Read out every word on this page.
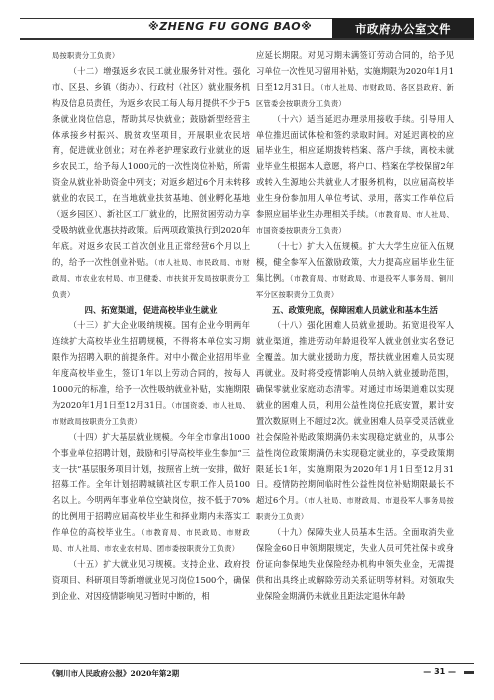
※ZHENG FU GONG BAO※	市政府办公室文件

局按职责分工负责）

（十二）增强返乡农民工就业服务针对性。强化市、区县、乡镇（街办）、行政村（社区）就业服务机构及信息员责任，为返乡农民工每人每月提供不少于5条就业岗位信息，帮助其尽快就业；鼓励新型经营主体承接乡村振兴、脱贫攻坚项目，开展职业农民培育，促进就业创业；对在养老护理家政行业就业的返乡农民工，给予每人1000元的一次性岗位补贴，所需资金从就业补助资金中列支；对返乡超过6个月未转移就业的农民工，在当地就业扶贫基地、创业孵化基地（返乡园区）、新社区工厂就业的，比照贫困劳动力享受吸纳就业优惠扶持政策。后两项政策执行到2020年年底。对返乡农民工首次创业且正常经营6个月以上的，给予一次性创业补贴。（市人社局、市民政局、市财政局、市农业农村局、市卫健委、市扶贫开发局按职责分工负责）

四、拓宽渠道，促进高校毕业生就业

（十三）扩大企业吸纳规模。国有企业今明两年连续扩大高校毕业生招聘规模，不得将本单位实习期限作为招聘入职的前提条件。对中小微企业招用毕业年度高校毕业生，签订1年以上劳动合同的，按每人1000元的标准，给予一次性吸纳就业补贴，实施期限为2020年1月1日至12月31日。（市国资委、市人社局、市财政局按职责分工负责）

（十四）扩大基层就业规模。今年全市拿出1000个事业单位招聘计划，鼓励和引导高校毕业生参加“三支一扶”基层服务项目计划，按照省上统一安排，做好招募工作。全年计划招聘城镇社区专职工作人员100名以上。今明两年事业单位空缺岗位，按不低于70%的比例用于招聘应届高校毕业生和择业期内未落实工作单位的高校毕业生。（市教育局、市民政局、市财政局、市人社局、市农业农村局、团市委按职责分工负责）

（十五）扩大就业见习规模。支持企业、政府投资项目、科研项目等新增就业见习岗位1500个，确保到企业、对因疫情影响见习暂时中断的，相

应延长期限。对见习期未满签订劳动合同的，给予见习单位一次性见习留用补贴，实施期限为2020年1月1日至12月31日。（市人社局、市财政局、各区县政府、新区管委会按职责分工负责）

（十六）适当延迟办理录用接收手续。引导用人单位推迟面试体检和签约录取时间。对延迟离校的应届毕业生，相应延期拨转档案、落户手续，离校未就业毕业生根据本人意愿，将户口、档案在学校保留2年或转入生源地公共就业人才服务机构，以应届高校毕业生身份参加用人单位考试、录用，落实工作单位后参照应届毕业生办理相关手续。（市教育局、市人社局、市国资委按职责分工负责）

（十七）扩大入伍规模。扩大大学生应征入伍规模，健全参军入伍激励政策，大力提高应届毕业生征集比例。（市教育局、市财政局、市退役军人事务局、铜川军分区按职责分工负责）

五、政策兜底，保障困难人员就业和基本生活

（十八）强化困难人员就业援助。拓宽退役军人就业渠道，推进劳动年龄退役军人就业创业实名登记全覆盖。加大就业援助力度，帮扶就业困难人员实现再就业。及时将受疫情影响人员纳入就业援助范围，确保零就业家庭动态清零。对通过市场渠道难以实现就业的困难人员，利用公益性岗位托底安置，累计安置次数原则上不超过2次。就业困难人员享受灵活就业社会保险补贴政策期满仍未实现稳定就业的，从事公益性岗位政策期满仍未实现稳定就业的，享受政策期限延长1年，实施期限为2020年1月1日至12月31日。疫情防控期间临时性公益性岗位补贴期限最长不超过6个月。（市人社局、市财政局、市退役军人事务局按职责分工负责）

（十九）保障失业人员基本生活。全面取消失业保险金60日申领期限规定，失业人员可凭社保卡或身份证向参保地失业保险经办机构申领失业金，无需提供和出具终止或解除劳动关系证明等材料。对领取失业保险金期满仍未就业且距法定退休年龄

《铜川市人民政府公报》2020年第2期	— 31 —
